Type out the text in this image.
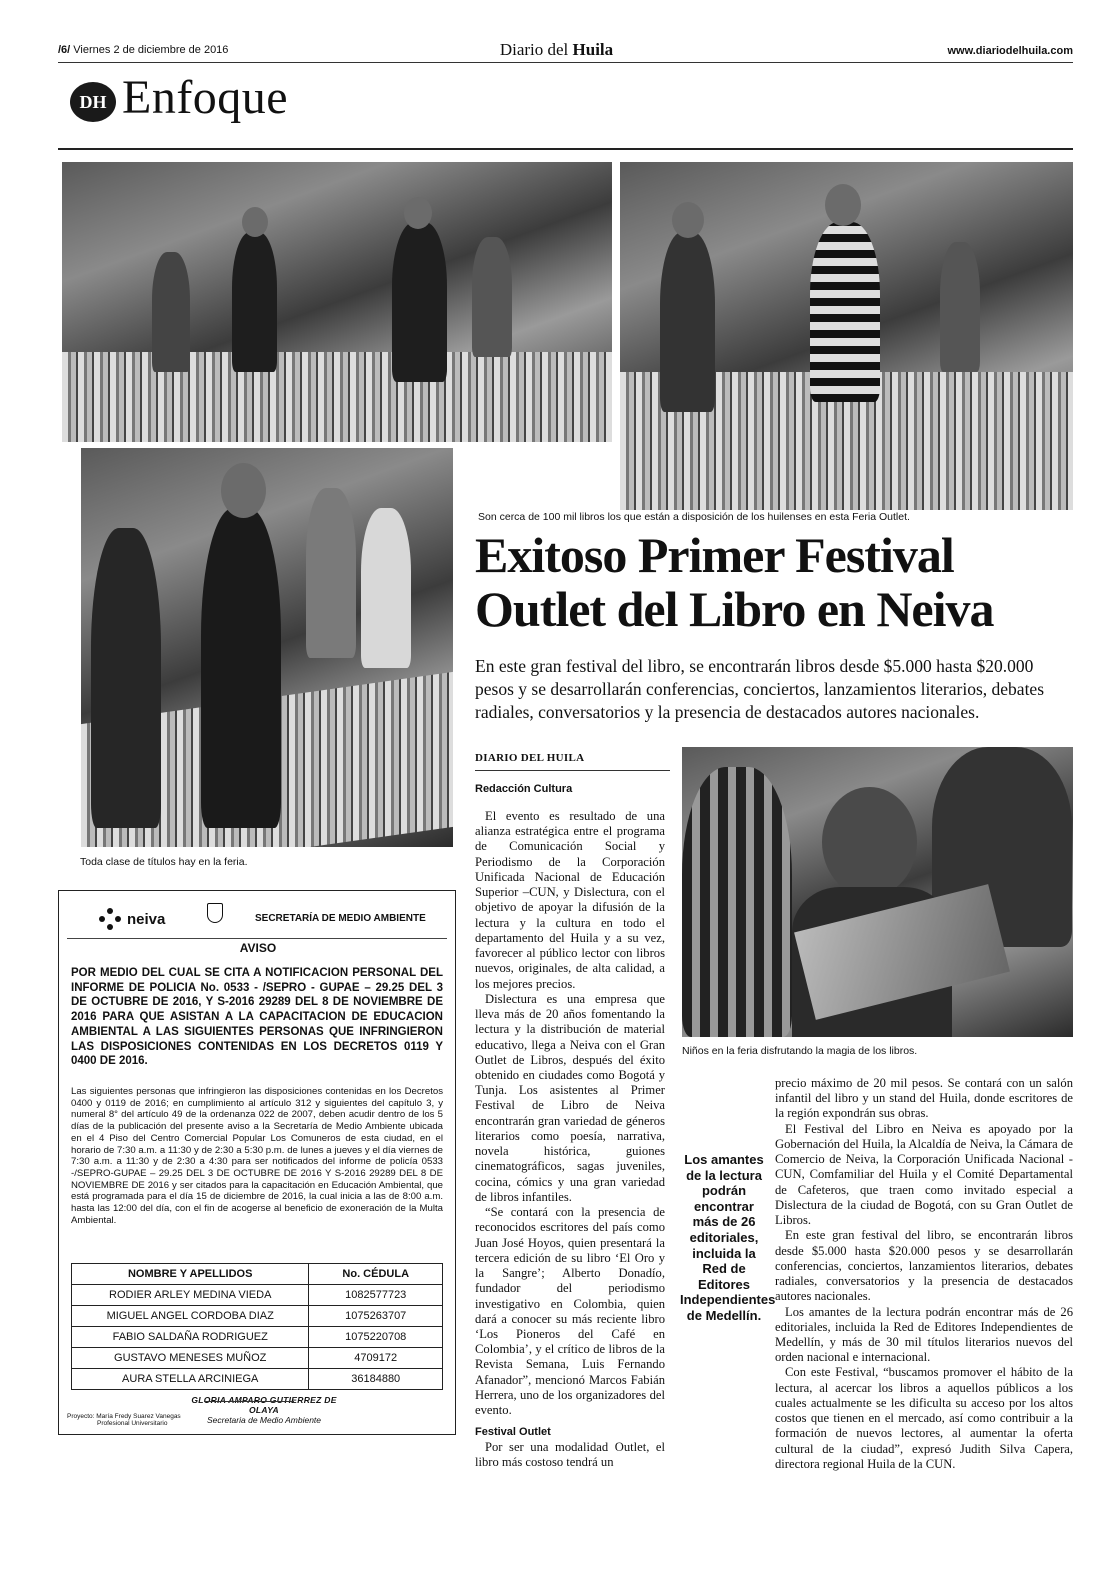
/6/ Viernes 2 de diciembre de 2016	Diario del Huila	www.diariodelhuila.com
DH Enfoque
Son cerca de 100 mil libros los que están a disposición de los huilenses en esta Feria Outlet.
Toda clase de títulos hay en la feria.
Niños en la feria disfrutando la magia de los libros.
Exitoso Primer Festival
Outlet del Libro en Neiva
En este gran festival del libro, se encontrarán libros desde $5.000 hasta $20.000 pesos y se desarrollarán conferencias, conciertos, lanzamientos literarios, debates radiales, conversatorios y la presencia de destacados autores nacionales.
DIARIO DEL HUILA
Redacción Cultura

El evento es resultado de una alianza estratégica entre el programa de Comunicación Social y Periodismo de la Corporación Unificada Nacional de Educación Superior –CUN, y Dislectura, con el objetivo de apoyar la difusión de la lectura y la cultura en todo el departamento del Huila y a su vez, favorecer al público lector con libros nuevos, originales, de alta calidad, a los mejores precios.

Dislectura es una empresa que lleva más de 20 años fomentando la lectura y la distribución de material educativo, llega a Neiva con el Gran Outlet de Libros, después del éxito obtenido en ciudades como Bogotá y Tunja. Los asistentes al Primer Festival de Libro de Neiva encontrarán gran variedad de géneros literarios como poesía, narrativa, novela histórica, guiones cinematográficos, sagas juveniles, cocina, cómics y una gran variedad de libros infantiles.

“Se contará con la presencia de reconocidos escritores del país como Juan José Hoyos, quien presentará la tercera edición de su libro ‘El Oro y la Sangre’; Alberto Donadío, fundador del periodismo investigativo en Colombia, quien dará a conocer su más reciente libro ‘Los Pioneros del Café en Colombia’, y el crítico de libros de la Revista Semana, Luis Fernando Afanador”, mencionó Marcos Fabián Herrera, uno de los organizadores del evento.

Festival Outlet

Por ser una modalidad Outlet, el libro más costoso tendrá un

Los amantes de la lectura podrán encontrar más de 26 editoriales, incluida la Red de Editores Independientes de Medellín.

precio máximo de 20 mil pesos. Se contará con un salón infantil del libro y un stand del Huila, donde escritores de la región expondrán sus obras.

El Festival del Libro en Neiva es apoyado por la Gobernación del Huila, la Alcaldía de Neiva, la Cámara de Comercio de Neiva, la Corporación Unificada Nacional -CUN, Comfamiliar del Huila y el Comité Departamental de Cafeteros, que traen como invitado especial a Dislectura de la ciudad de Bogotá, con su Gran Outlet de Libros.

En este gran festival del libro, se encontrarán libros desde $5.000 hasta $20.000 pesos y se desarrollarán conferencias, conciertos, lanzamientos literarios, debates radiales, conversatorios y la presencia de destacados autores nacionales.

Los amantes de la lectura podrán encontrar más de 26 editoriales, incluida la Red de Editores Independientes de Medellín, y más de 30 mil títulos literarios nuevos del orden nacional e internacional.

Con este Festival, “buscamos promover el hábito de la lectura, al acercar los libros a aquellos públicos a los cuales actualmente se les dificulta su acceso por los altos costos que tienen en el mercado, así como contribuir a la formación de nuevos lectores, al aumentar la oferta cultural de la ciudad”, expresó Judith Silva Capera, directora regional Huila de la CUN.

neiva	SECRETARÍA DE MEDIO AMBIENTE
AVISO
POR MEDIO DEL CUAL SE CITA A NOTIFICACION PERSONAL DEL INFORME DE POLICIA No. 0533 - /SEPRO - GUPAE – 29.25 DEL 3 DE OCTUBRE DE 2016, Y S-2016 29289 DEL 8 DE NOVIEMBRE DE 2016 PARA QUE ASISTAN A LA CAPACITACION DE EDUCACION AMBIENTAL A LAS SIGUIENTES PERSONAS QUE INFRINGIERON LAS DISPOSICIONES CONTENIDAS EN LOS DECRETOS 0119 Y 0400 DE 2016.
Las siguientes personas que infringieron las disposiciones contenidas en los Decretos 0400 y 0119 de 2016; en cumplimiento al artículo 312 y siguientes del capítulo 3, y numeral 8° del artículo 49 de la ordenanza 022 de 2007, deben acudir dentro de los 5 días de la publicación del presente aviso a la Secretaría de Medio Ambiente ubicada en el 4 Piso del Centro Comercial Popular Los Comuneros de esta ciudad, en el horario de 7:30 a.m. a 11:30 y de 2:30 a 5:30 p.m. de lunes a jueves y el día viernes de 7:30 a.m. a 11:30 y de 2:30 a 4:30 para ser notificados del informe de policía 0533 -/SEPRO-GUPAE – 29.25 DEL 3 DE OCTUBRE DE 2016 Y S-2016 29289 DEL 8 DE NOVIEMBRE DE 2016 y ser citados para la capacitación en Educación Ambiental, que está programada para el día 15 de diciembre de 2016, la cual inicia a las de 8:00 a.m. hasta las 12:00 del día, con el fin de acogerse al beneficio de exoneración de la Multa Ambiental.
NOMBRE Y APELLIDOS	No. CÉDULA
RODIER ARLEY MEDINA VIEDA	1082577723
MIGUEL ANGEL CORDOBA DIAZ	1075263707
FABIO SALDAÑA RODRIGUEZ	1075220708
GUSTAVO MENESES MUÑOZ	4709172
AURA STELLA ARCINIEGA	36184880
GLORIA AMPARO GUTIERREZ DE OLAYA
Secretaria de Medio Ambiente
Proyecto: María Fredy Suarez Vanegas
Profesional Universitario
